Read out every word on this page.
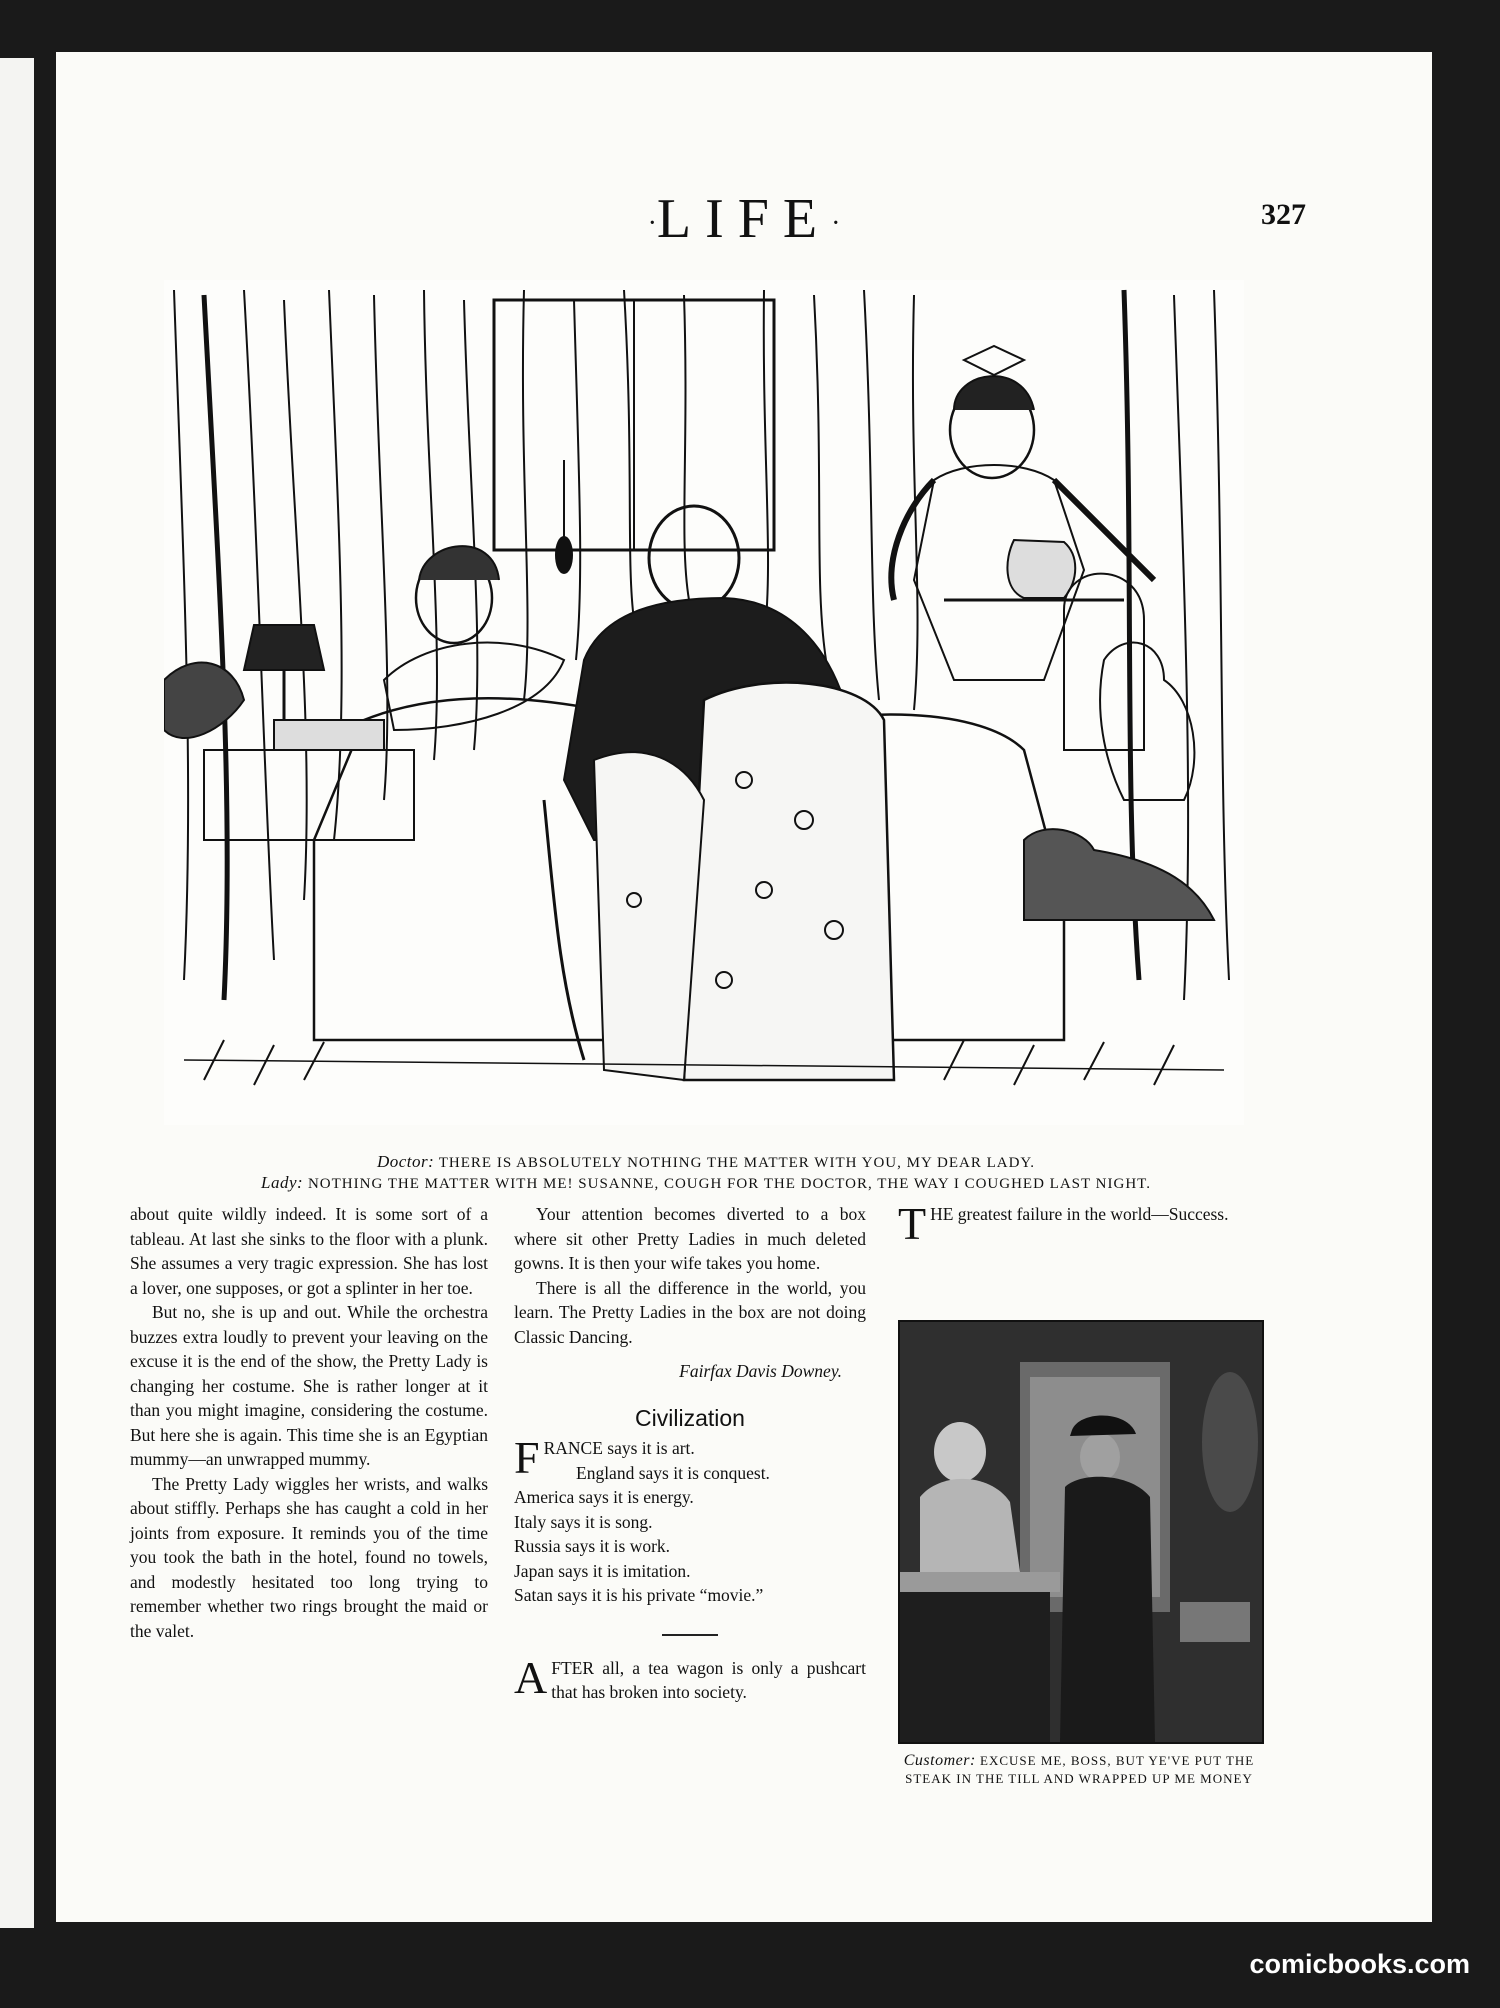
·LIFE·	327
Doctor: THERE IS ABSOLUTELY NOTHING THE MATTER WITH YOU, MY DEAR LADY.
Lady: NOTHING THE MATTER WITH ME! SUSANNE, COUGH FOR THE DOCTOR, THE WAY I COUGHED LAST NIGHT.

about quite wildly indeed. It is some sort of a tableau. At last she sinks to the floor with a plunk. She assumes a very tragic expression. She has lost a lover, one supposes, or got a splinter in her toe.

But no, she is up and out. While the orchestra buzzes extra loudly to prevent your leaving on the excuse it is the end of the show, the Pretty Lady is changing her costume. She is rather longer at it than you might imagine, considering the costume. But here she is again. This time she is an Egyptian mummy—an unwrapped mummy.

The Pretty Lady wiggles her wrists, and walks about stiffly. Perhaps she has caught a cold in her joints from exposure. It reminds you of the time you took the bath in the hotel, found no towels, and modestly hesitated too long trying to remember whether two rings brought the maid or the valet.

Your attention becomes diverted to a box where sit other Pretty Ladies in much deleted gowns. It is then your wife takes you home.

There is all the difference in the world, you learn. The Pretty Ladies in the box are not doing Classic Dancing.

Fairfax Davis Downey.

Civilization

FRANCE says it is art.

England says it is conquest.

America says it is energy.

Italy says it is song.

Russia says it is work.

Japan says it is imitation.

Satan says it is his private “movie.”

AFTER all, a tea wagon is only a pushcart that has broken into society.

THE greatest failure in the world—Success.

Customer: EXCUSE ME, BOSS, BUT YE'VE PUT THE STEAK IN THE TILL AND WRAPPED UP ME MONEY
comicbooks.com
